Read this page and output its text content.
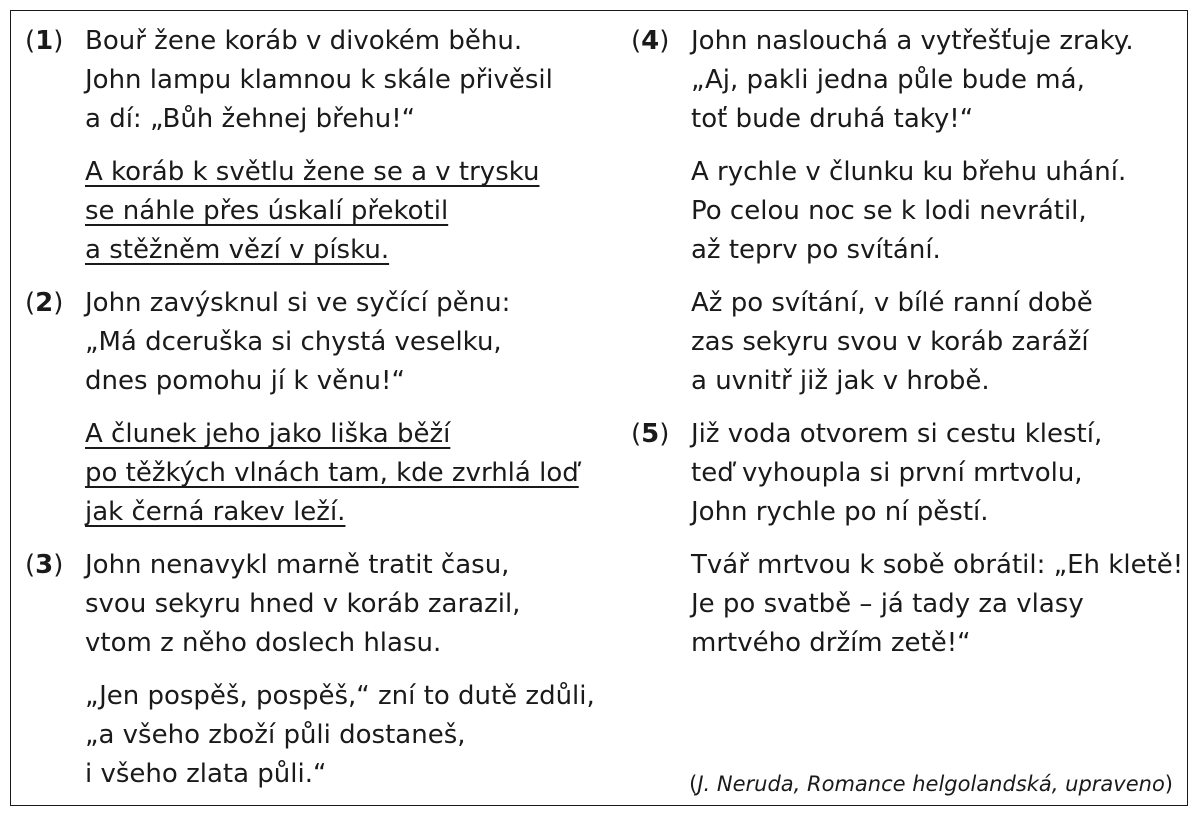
(1) Bouř žene koráb v divokém běhu.
John lampu klamnou k skále přivěsil
a dí: „Bůh žehnej břehu!“
A koráb k světlu žene se a v trysku
se náhle přes úskalí překotil
a stěžněm vězí v písku.
(2) John zavýsknul si ve syčící pěnu:
„Má dceruška si chystá veselku,
dnes pomohu jí k věnu!“
A člunek jeho jako liška běží
po těžkých vlnách tam, kde zvrhlá loď
jak černá rakev leží.
(3) John nenavykl marně tratit času,
svou sekyru hned v koráb zarazil,
vtom z něho doslech hlasu.
„Jen pospěš, pospěš,“ zní to dutě zdůli,
„a všeho zboží půli dostaneš,
i všeho zlata půli.“
(4) John naslouchá a vytřešťuje zraky.
„Aj, pakli jedna půle bude má,
toť bude druhá taky!“
A rychle v člunku ku břehu uhání.
Po celou noc se k lodi nevrátil,
až teprv po svítání.
Až po svítání, v bílé ranní době
zas sekyru svou v koráb zaráží
a uvnitř již jak v hrobě.
(5) Již voda otvorem si cestu klestí,
teď vyhoupla si první mrtvolu,
John rychle po ní pěstí.
Tvář mrtvou k sobě obrátil: „Eh kletě!
Je po svatbě – já tady za vlasy
mrtvého držím zetě!“
(J. Neruda, Romance helgolandská, upraveno)
